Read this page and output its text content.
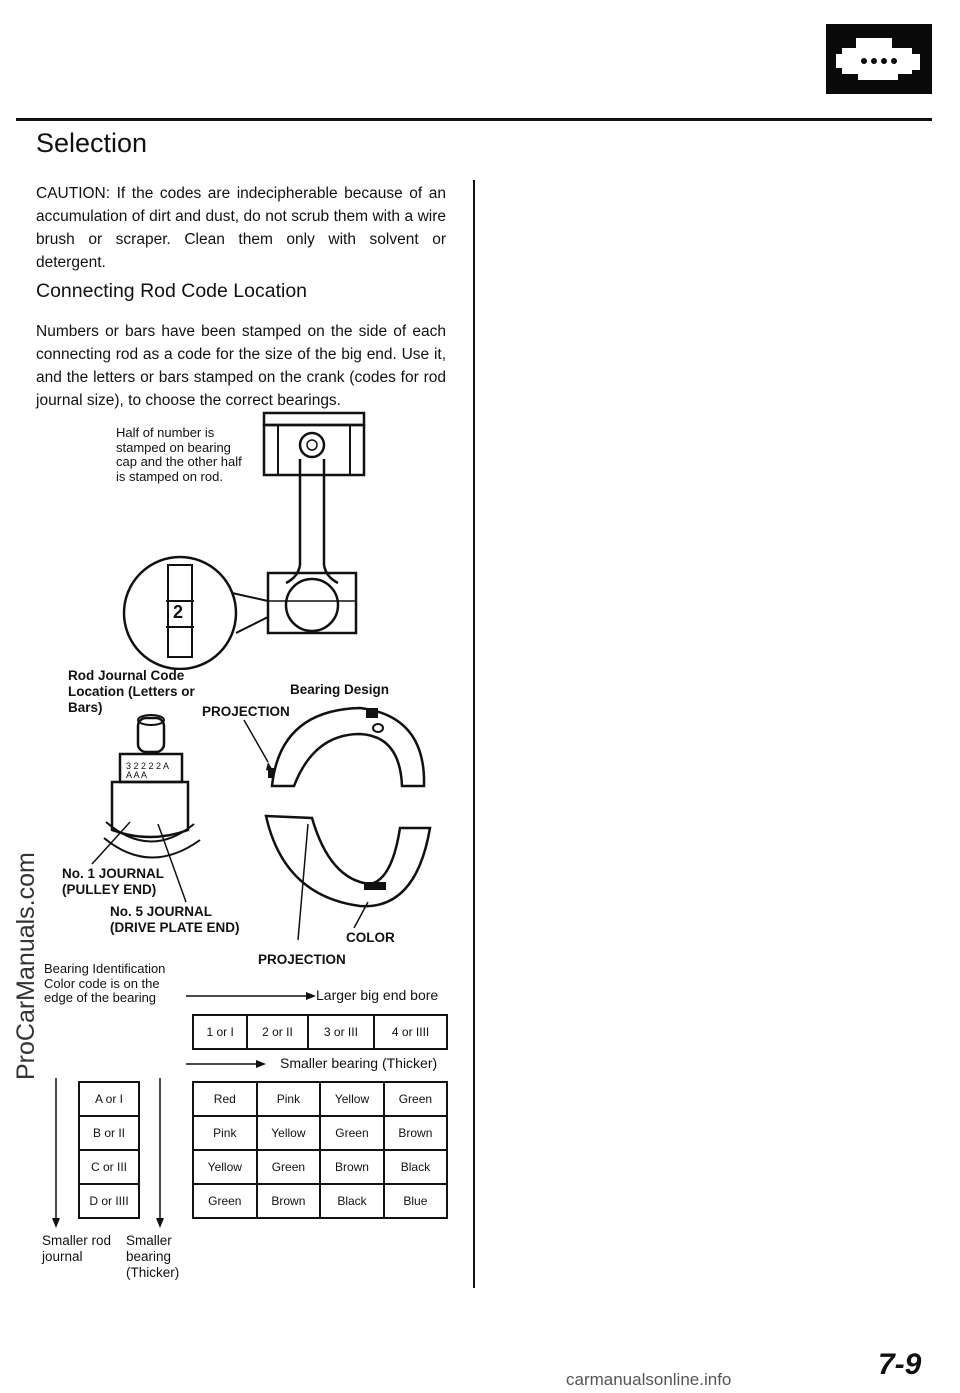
Selection
CAUTION: If the codes are indecipherable because of an accumulation of dirt and dust, do not scrub them with a wire brush or scraper. Clean them only with solvent or detergent.
Connecting Rod Code Location
Numbers or bars have been stamped on the side of each connecting rod as a code for the size of the big end. Use it, and the letters or bars stamped on the crank (codes for rod journal size), to choose the correct bearings.
Half of number is stamped on bearing cap and the other half is stamped on rod.
2
Rod Journal Code Location (Letters or Bars)
Bearing Design
PROJECTION
3 2 2 2 2 A A A A
No. 1 JOURNAL (PULLEY END)
No. 5 JOURNAL (DRIVE PLATE END)
COLOR
PROJECTION
Bearing Identification Color code is on the edge of the bearing	Larger big end bore
1 or I	2 or II	3 or III	4 or IIII
Smaller bearing (Thicker)
A or I
B or II
C or III
D or IIII
Red	Pink	Yellow	Green
Pink	Yellow	Green	Brown
Yellow	Green	Brown	Black
Green	Brown	Black	Blue
Smaller rod journal
Smaller bearing (Thicker)
7-9
ProCarManuals.com
carmanualsonline.info
